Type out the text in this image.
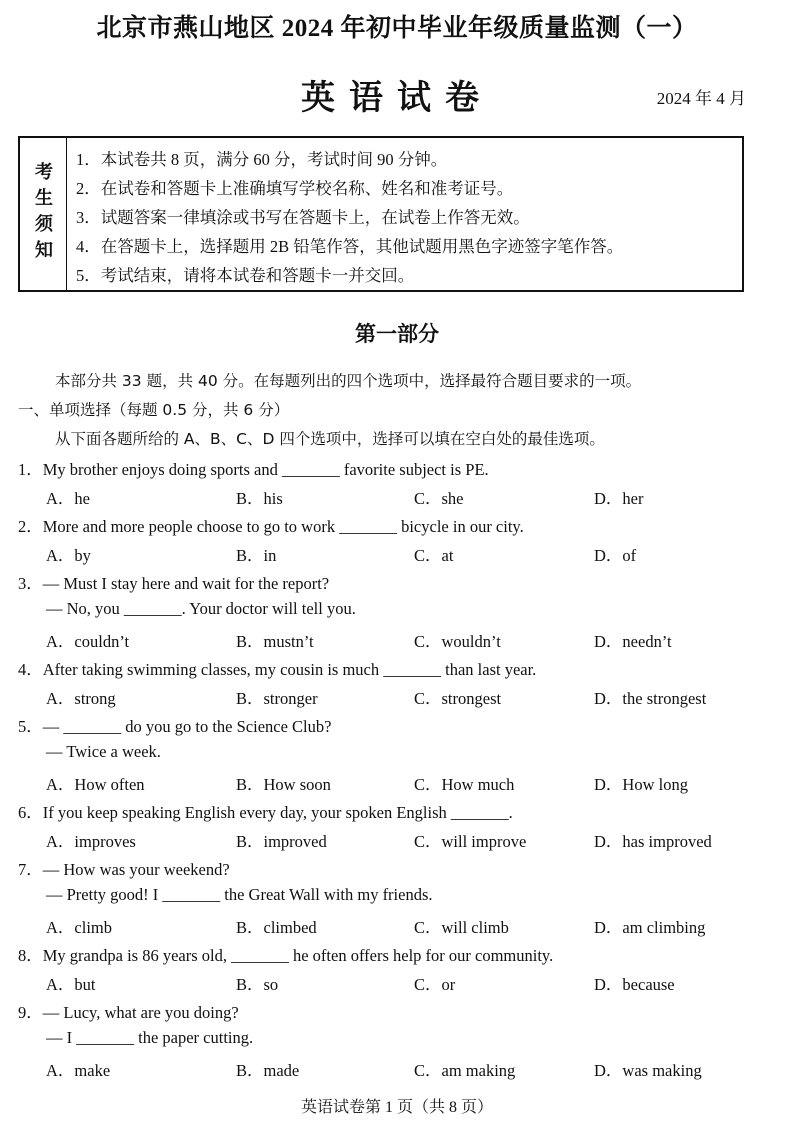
北京市燕山地区 2024 年初中毕业年级质量监测（一）
英语试卷	2024 年 4 月
考生须知
1．本试卷共 8 页，满分 60 分，考试时间 90 分钟。
2．在试卷和答题卡上准确填写学校名称、姓名和准考证号。
3．试题答案一律填涂或书写在答题卡上，在试卷上作答无效。
4．在答题卡上，选择题用 2B 铅笔作答，其他试题用黑色字迹签字笔作答。
5．考试结束，请将本试卷和答题卡一并交回。
第一部分
本部分共 33 题，共 40 分。在每题列出的四个选项中，选择最符合题目要求的一项。
一、单项选择（每题 0.5 分，共 6 分）
从下面各题所给的 A、B、C、D 四个选项中，选择可以填在空白处的最佳选项。
1．My brother enjoys doing sports and _______ favorite subject is PE.
A．he	B．his	C．she	D．her
2．More and more people choose to go to work _______ bicycle in our city.
A．by	B．in	C．at	D．of
3．— Must I stay here and wait for the report?
— No, you _______. Your doctor will tell you.
A．couldn’t	B．mustn’t	C．wouldn’t	D．needn’t
4．After taking swimming classes, my cousin is much _______ than last year.
A．strong	B．stronger	C．strongest	D．the strongest
5．— _______ do you go to the Science Club?
— Twice a week.
A．How often	B．How soon	C．How much	D．How long
6．If you keep speaking English every day, your spoken English _______.
A．improves	B．improved	C．will improve	D．has improved
7．— How was your weekend?
— Pretty good! I _______ the Great Wall with my friends.
A．climb	B．climbed	C．will climb	D．am climbing
8．My grandpa is 86 years old, _______ he often offers help for our community.
A．but	B．so	C．or	D．because
9．— Lucy, what are you doing?
— I _______ the paper cutting.
A．make	B．made	C．am making	D．was making
英语试卷第 1 页（共 8 页）
